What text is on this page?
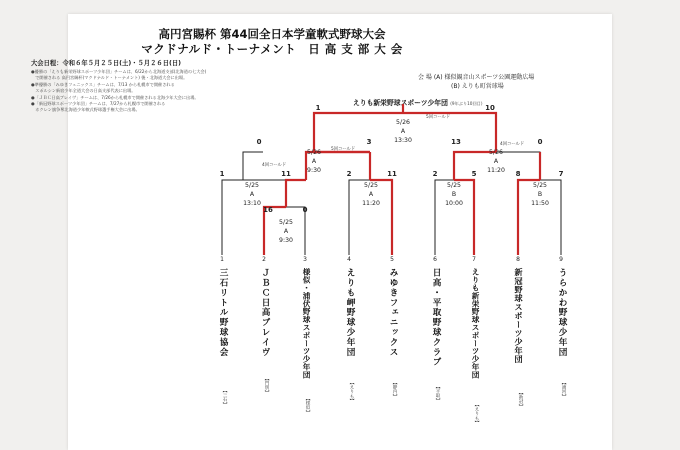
高円宮賜杯 第44回全日本学童軟式野球大会
マクドナルド・トーナメント　日 高 支 部 大 会
大会日程：令和６年５月２５日(土)・５月２６日(日)
会 場 (A) 様似観音山スポーツ公園運動広場
(B) えりも町営球場
●優勝の「えりも新栄野球スポーツ少年団」チームは、6/22から北海道支部(北海道の七大会)
　で開催される 高円宮賜杯(マクドナルド・トーナメント) 後・北海道大会に出場。
●準優勝の「みゆきフェニックス」チームは、7/13 から札幌市で開催される
　スポルシン新宿少年全道大会の日高支部代表に出場。
●「ＪＢＣ日高ブレイヴ」チームは、7/26から札幌市で開催される北海少年大会に出場。
●「新冠野球スポーツ少年団」チームは、7/27から札幌市で開催される
　ホクレン旗争奪北海道少年軟式野球選手権大会に出場。
えりも新栄野球スポーツ少年団 (9年ぶり10回目)
1	10
5回コールド
5/26
A
13:30
0	3
5回コールド
4回コールド
5/26
A
9:30
13	0
4回コールド
5/26
A
11:20
1	11
5/25
A
13:10
2	11
5/25
A
11:20
2	5
5/25
B
10:00
8	7
5/25
B
11:50
16	0
5/25
A
9:30
1	2	3	4	5	6	7	8	9
三石リトル野球協会	ＪＢＣ日高ブレイヴ	様似・浦伏野球スポーツ少年団	えりも岬野球少年団	みゆきフェニックス	日高・平取野球クラブ	えりも新栄野球スポーツ少年団	新冠野球スポーツ少年団	うらかわ野球少年団
【三石】
【門別】
【様似】
【えりも】	【静内】	【平取】
【えりも】
【新冠】
【浦河】
